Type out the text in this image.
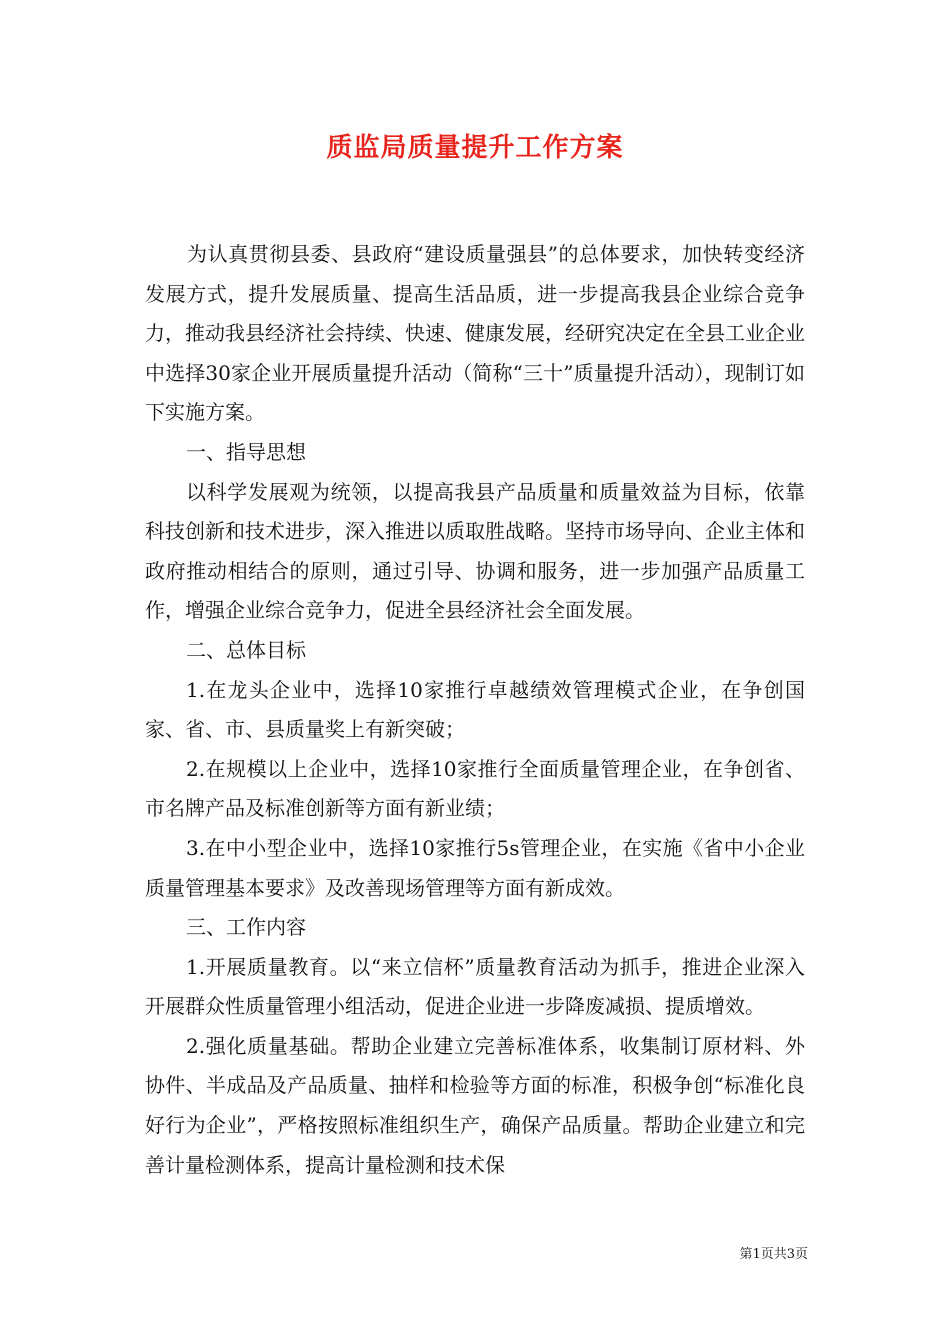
质监局质量提升工作方案

为认真贯彻县委、县政府“建设质量强县”的总体要求，加快转变经济发展方式，提升发展质量、提高生活品质，进一步提高我县企业综合竞争力，推动我县经济社会持续、快速、健康发展，经研究决定在全县工业企业中选择30家企业开展质量提升活动（简称“三十”质量提升活动），现制订如下实施方案。

一、指导思想

以科学发展观为统领，以提高我县产品质量和质量效益为目标，依靠科技创新和技术进步，深入推进以质取胜战略。坚持市场导向、企业主体和政府推动相结合的原则，通过引导、协调和服务，进一步加强产品质量工作，增强企业综合竞争力，促进全县经济社会全面发展。

二、总体目标

1.在龙头企业中，选择10家推行卓越绩效管理模式企业，在争创国家、省、市、县质量奖上有新突破；

2.在规模以上企业中，选择10家推行全面质量管理企业，在争创省、市名牌产品及标准创新等方面有新业绩；

3.在中小型企业中，选择10家推行5s管理企业，在实施《省中小企业质量管理基本要求》及改善现场管理等方面有新成效。

三、工作内容

1.开展质量教育。以“来立信杯”质量教育活动为抓手，推进企业深入开展群众性质量管理小组活动，促进企业进一步降废减损、提质增效。

2.强化质量基础。帮助企业建立完善标准体系，收集制订原材料、外协件、半成品及产品质量、抽样和检验等方面的标准，积极争创“标准化良好行为企业”，严格按照标准组织生产，确保产品质量。帮助企业建立和完善计量检测体系，提高计量检测和技术保

第1页共3页
